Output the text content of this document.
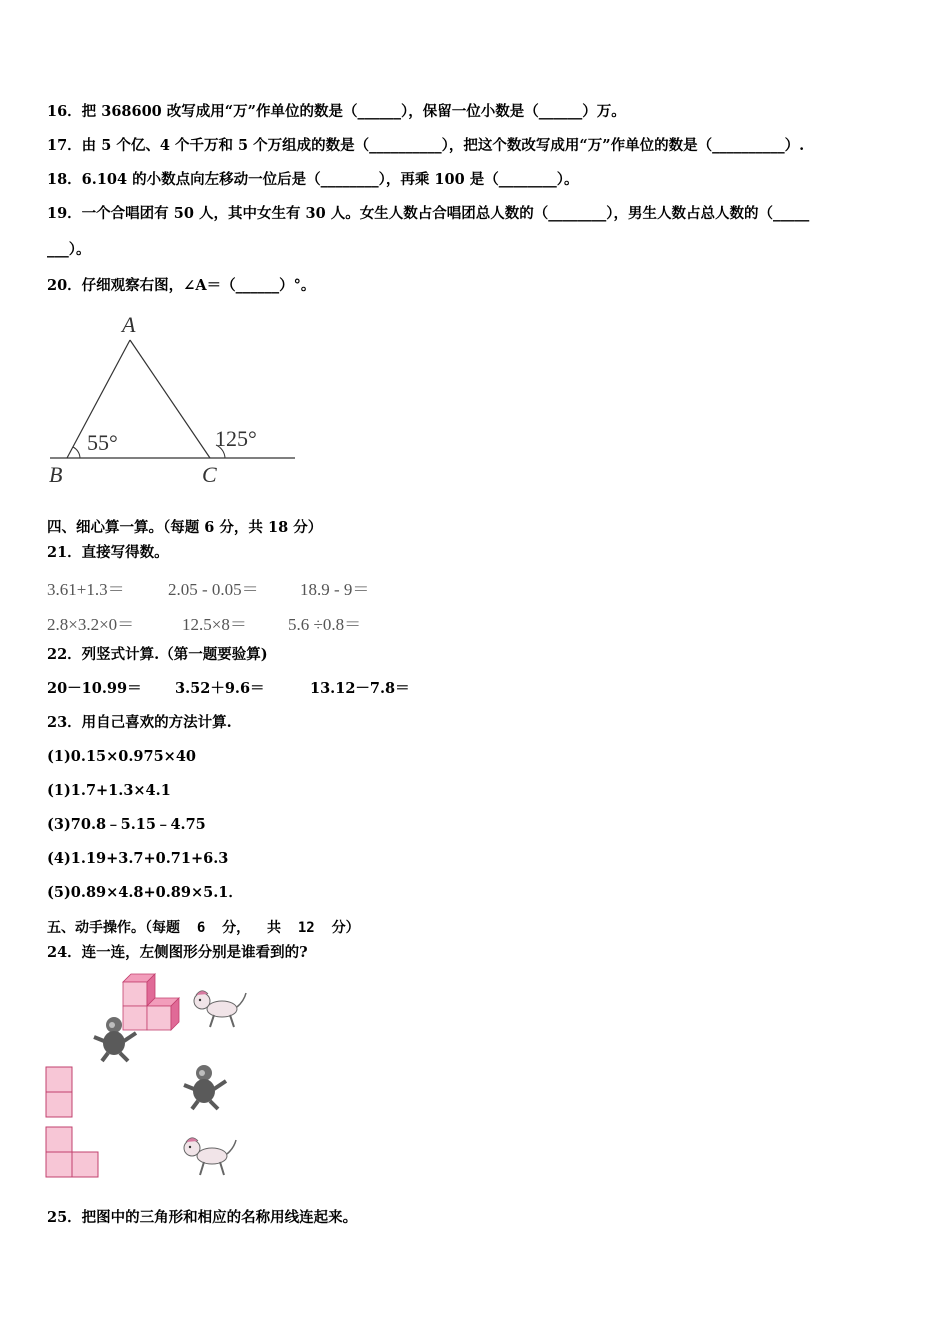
16．把 368600 改写成用“万”作单位的数是（______），保留一位小数是（______）万。
17．由 5 个亿、4 个千万和 5 个万组成的数是（__________），把这个数改写成用“万”作单位的数是（__________）.
18．6.104 的小数点向左移动一位后是（________），再乘 100 是（________）。
19．一个合唱团有 50 人，其中女生有 30 人。女生人数占合唱团总人数的（________），男生人数占总人数的（_____
___）。
20．仔细观察右图，∠A＝（______）°。
A
B	C
55°	125°
四、细心算一算。（每题 6 分，共 18 分）
21．直接写得数。
3.61+1.3＝	2.05 - 0.05＝ 18.9 - 9＝
2.8×3.2×0＝	12.5×8＝ 5.6 ÷0.8＝
22．列竖式计算.（第一题要验算)
20－10.99＝ 3.52＋9.6＝	13.12－7.8＝
23．用自己喜欢的方法计算.
(1)0.15×0.975×40
(1)1.7+1.3×4.1
(3)70.8﹣5.15﹣4.75
(4)1.19+3.7+0.71+6.3
(5)0.89×4.8+0.89×5.1．
五、动手操作。（每题  6  分，  共  12  分）
24．连一连，左侧图形分别是谁看到的?
25．把图中的三角形和相应的名称用线连起来。
